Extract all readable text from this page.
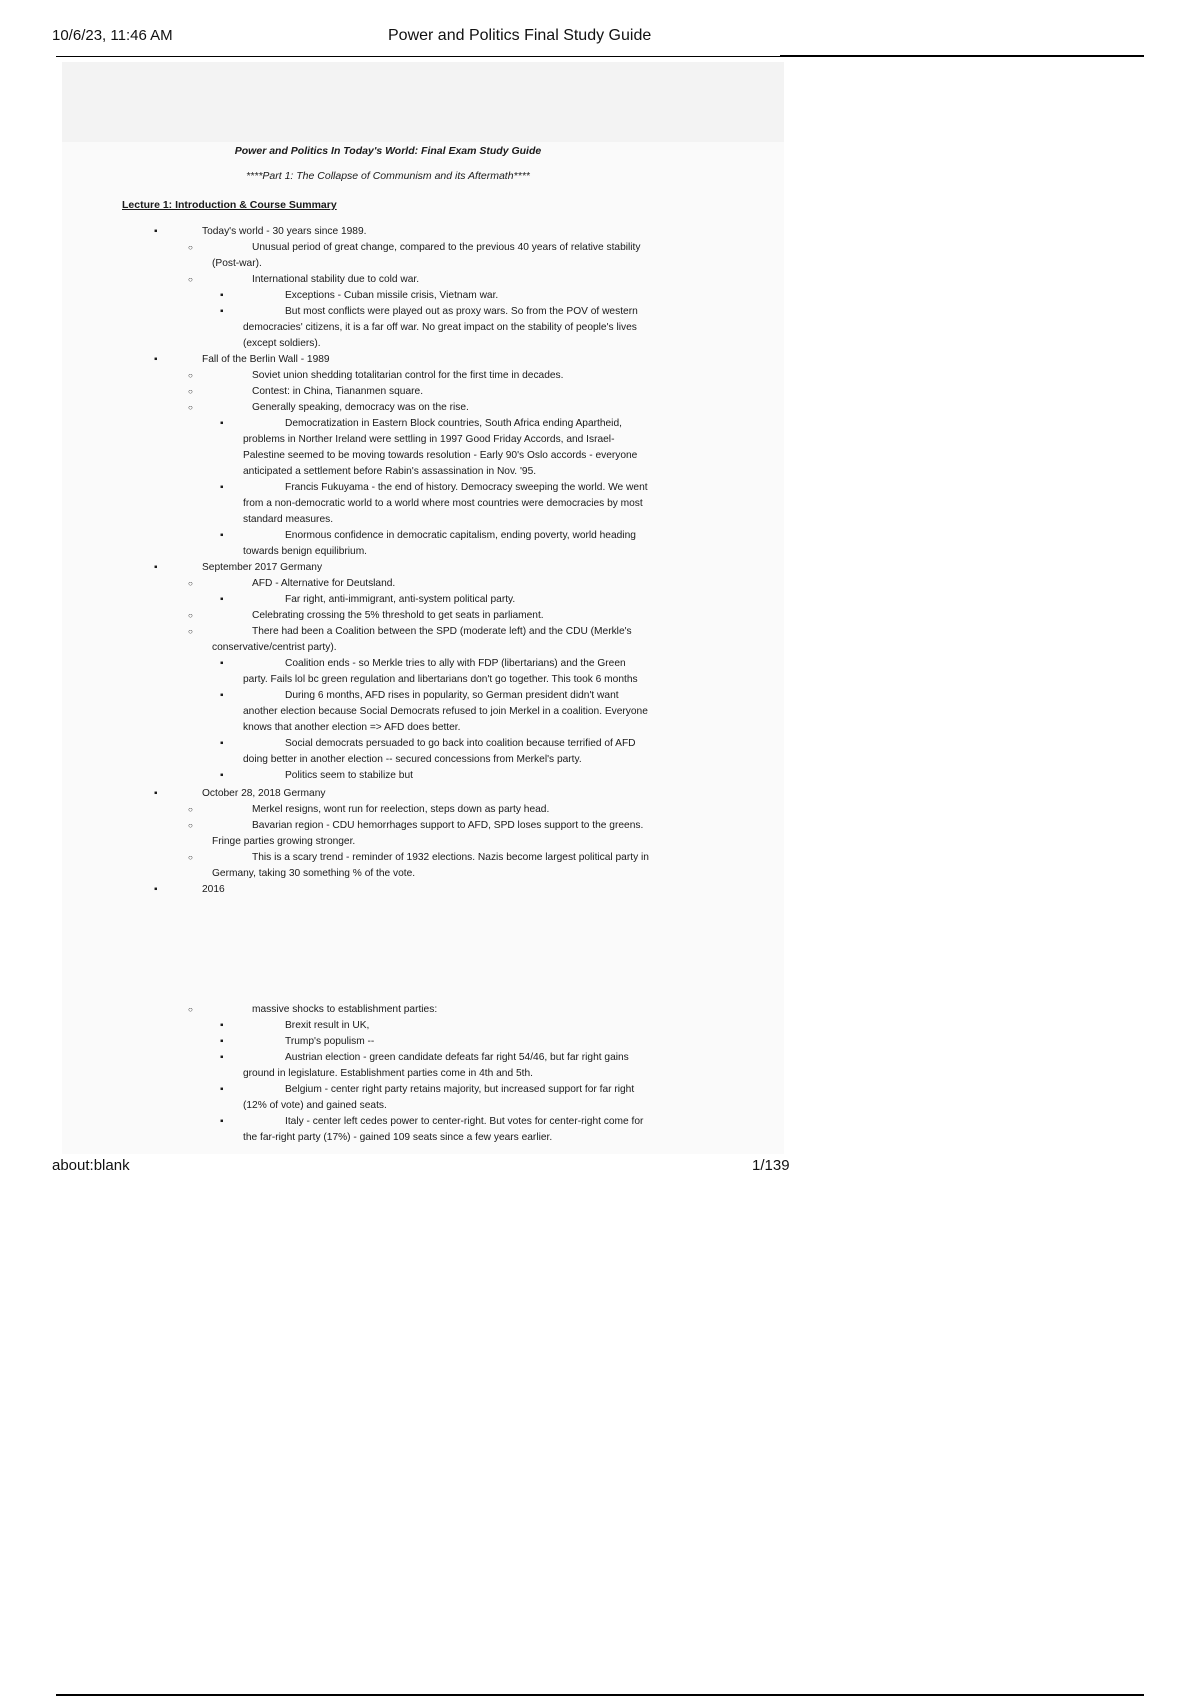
10/6/23, 11:46 AM	Power and Politics Final Study Guide
Power and Politics In Today's World: Final Exam Study Guide
****Part 1: The Collapse of Communism and its Aftermath****
Lecture 1: Introduction & Course Summary
▪	Today's world - 30 years since 1989.
○	Unusual period of great change, compared to the previous 40 years of relative stability
(Post-war).
○	International stability due to cold war.
▪	Exceptions - Cuban missile crisis, Vietnam war.
▪	But most conflicts were played out as proxy wars. So from the POV of western
democracies' citizens, it is a far off war. No great impact on the stability of people's lives
(except soldiers).
▪	Fall of the Berlin Wall - 1989
○	Soviet union shedding totalitarian control for the first time in decades.
○	Contest: in China, Tiananmen square.
○	Generally speaking, democracy was on the rise.
▪	Democratization in Eastern Block countries, South Africa ending Apartheid,
problems in Norther Ireland were settling in 1997 Good Friday Accords, and Israel-
Palestine seemed to be moving towards resolution - Early 90's Oslo accords - everyone
anticipated a settlement before Rabin's assassination in Nov. '95.
▪	Francis Fukuyama - the end of history. Democracy sweeping the world. We went
from a non-democratic world to a world where most countries were democracies by most
standard measures.
▪	Enormous confidence in democratic capitalism, ending poverty, world heading
towards benign equilibrium.
▪	September 2017 Germany
○	AFD - Alternative for Deutsland.
▪	Far right, anti-immigrant, anti-system political party.
○	Celebrating crossing the 5% threshold to get seats in parliament.
○	There had been a Coalition between the SPD (moderate left) and the CDU (Merkle's
conservative/centrist party).
▪	Coalition ends - so Merkle tries to ally with FDP (libertarians) and the Green
party. Fails lol bc green regulation and libertarians don't go together. This took 6 months
▪	During 6 months, AFD rises in popularity, so German president didn't want
another election because Social Democrats refused to join Merkel in a coalition. Everyone
knows that another election => AFD does better.
▪	Social democrats persuaded to go back into coalition because terrified of AFD
doing better in another election -- secured concessions from Merkel's party.
▪	Politics seem to stabilize but
▪	October 28, 2018 Germany
○	Merkel resigns, wont run for reelection, steps down as party head.
○	Bavarian region - CDU hemorrhages support to AFD, SPD loses support to the greens.
Fringe parties growing stronger.
○	This is a scary trend - reminder of 1932 elections. Nazis become largest political party in
Germany, taking 30 something % of the vote.
▪	2016
○	massive shocks to establishment parties:
▪	Brexit result in UK,
▪	Trump's populism --
▪	Austrian election - green candidate defeats far right 54/46, but far right gains
ground in legislature. Establishment parties come in 4th and 5th.
▪	Belgium - center right party retains majority, but increased support for far right
(12% of vote) and gained seats.
▪	Italy - center left cedes power to center-right. But votes for center-right come for
the far-right party (17%) - gained 109 seats since a few years earlier.
about:blank	1/139
